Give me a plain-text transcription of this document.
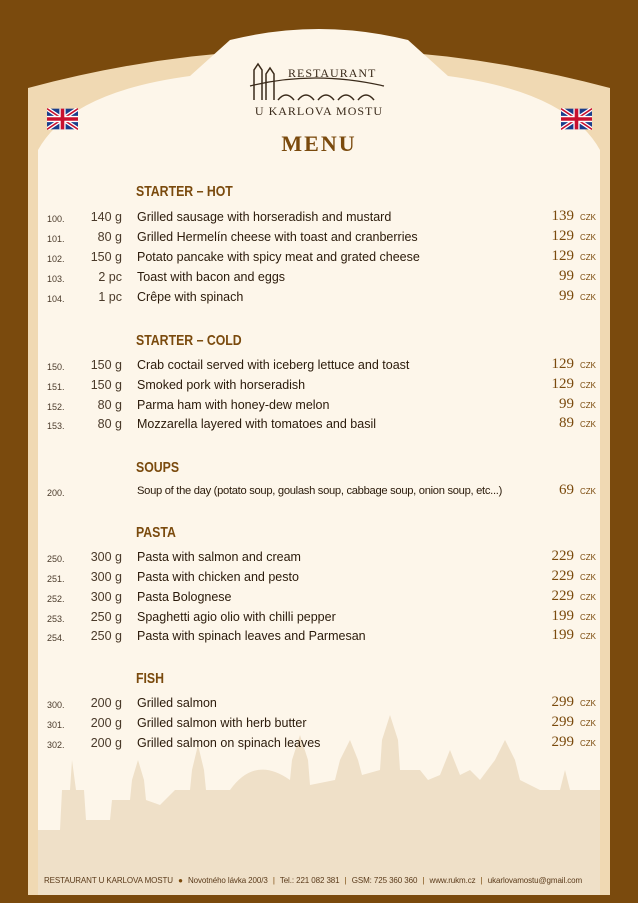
RESTAURANT
U KARLOVA MOSTU
MENU
STARTER – HOT
100.	140 g Grilled sausage with horseradish and mustard	139 CZK
101.	80 g Grilled Hermelín cheese with toast and cranberries	129 CZK
102.	150 g Potato pancake with spicy meat and grated cheese	129 CZK
103.	2 pc Toast with bacon and eggs	99 CZK
104.	1 pc Crêpe with spinach	99 CZK
STARTER – COLD
150.	150 g Crab coctail served with iceberg lettuce and toast	129 CZK
151.	150 g Smoked pork with horseradish	129 CZK
152.	80 g Parma ham with honey-dew melon	99 CZK
153.	80 g Mozzarella layered with tomatoes and basil	89 CZK
SOUPS
200.	Soup of the day (potato soup, goulash soup, cabbage soup, onion soup, etc...)	69 CZK
PASTA
250.	300 g Pasta with salmon and cream	229 CZK
251.	300 g Pasta with chicken and pesto	229 CZK
252.	300 g Pasta Bolognese	229 CZK
253.	250 g Spaghetti agio olio with chilli pepper	199 CZK
254.	250 g Pasta with spinach leaves and Parmesan	199 CZK
FISH
300.	200 g Grilled salmon	299 CZK
301.	200 g Grilled salmon with herb butter	299 CZK
302.	200 g Grilled salmon on spinach leaves	299 CZK
RESTAURANT U KARLOVA MOSTU ● Novotného lávka 200/3 | Tel.: 221 082 381 | GSM: 725 360 360 | www.rukm.cz | ukarlovamostu@gmail.com
